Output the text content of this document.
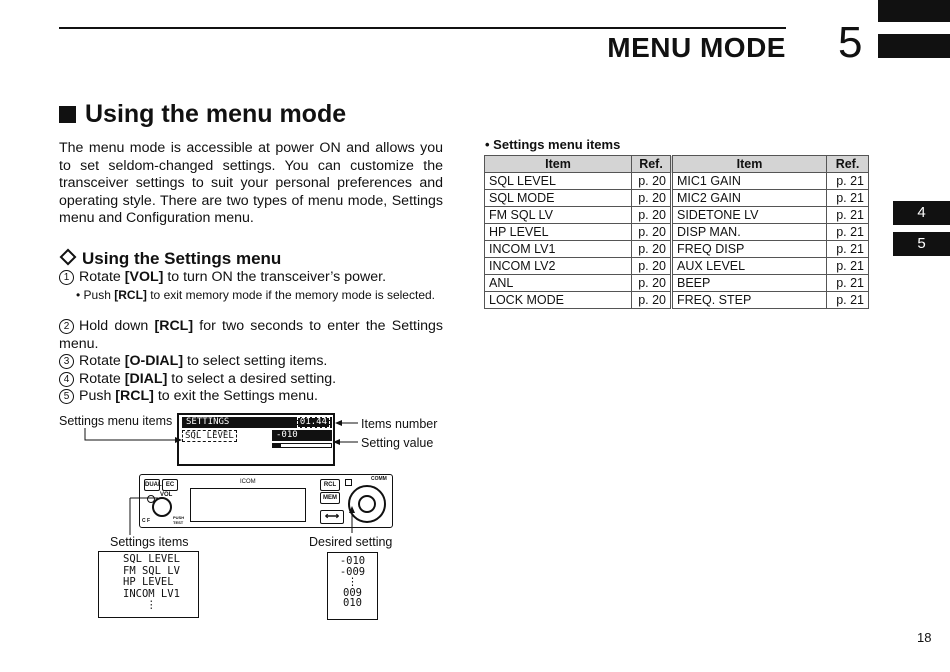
MENU MODE 5
4
5
Using the menu mode
The menu mode is accessible at power ON and allows you to set seldom-changed settings. You can customize the transceiver settings to suit your personal preferences and operating style. There are two types of menu mode, Settings menu and Configuration menu.
Using the Settings menu
1 Rotate [VOL] to turn ON the transceiver’s power.
• Push [RCL] to exit memory mode if the memory mode is selected.
2 Hold down [RCL] for two seconds to enter the Settings menu.
3 Rotate [O-DIAL] to select setting items.
4 Rotate [DIAL] to select a desired setting.
5 Push [RCL] to exit the Settings menu.
Settings menu items	Items number
Setting value
SETTINGS	01.44
SQL LEVEL	-010
DUAL EC
VOL
C F
PUSH TEST
ICOM	RCL
MEM
⟷
COMM
Settings items	Desired setting
SQL LEVEL
FM SQL LV
HP LEVEL
INCOM LV1
⋮
-010
-009
⋮
009
010
• Settings menu items
Item	Ref.	Item	Ref.
SQL LEVEL	p. 20	MIC1 GAIN	p. 21
SQL MODE	p. 20	MIC2 GAIN	p. 21
FM SQL LV	p. 20	SIDETONE LV	p. 21
HP LEVEL	p. 20	DISP MAN.	p. 21
INCOM LV1	p. 20	FREQ DISP	p. 21
INCOM LV2	p. 20	AUX LEVEL	p. 21
ANL	p. 20	BEEP	p. 21
LOCK MODE	p. 20	FREQ. STEP	p. 21
18
